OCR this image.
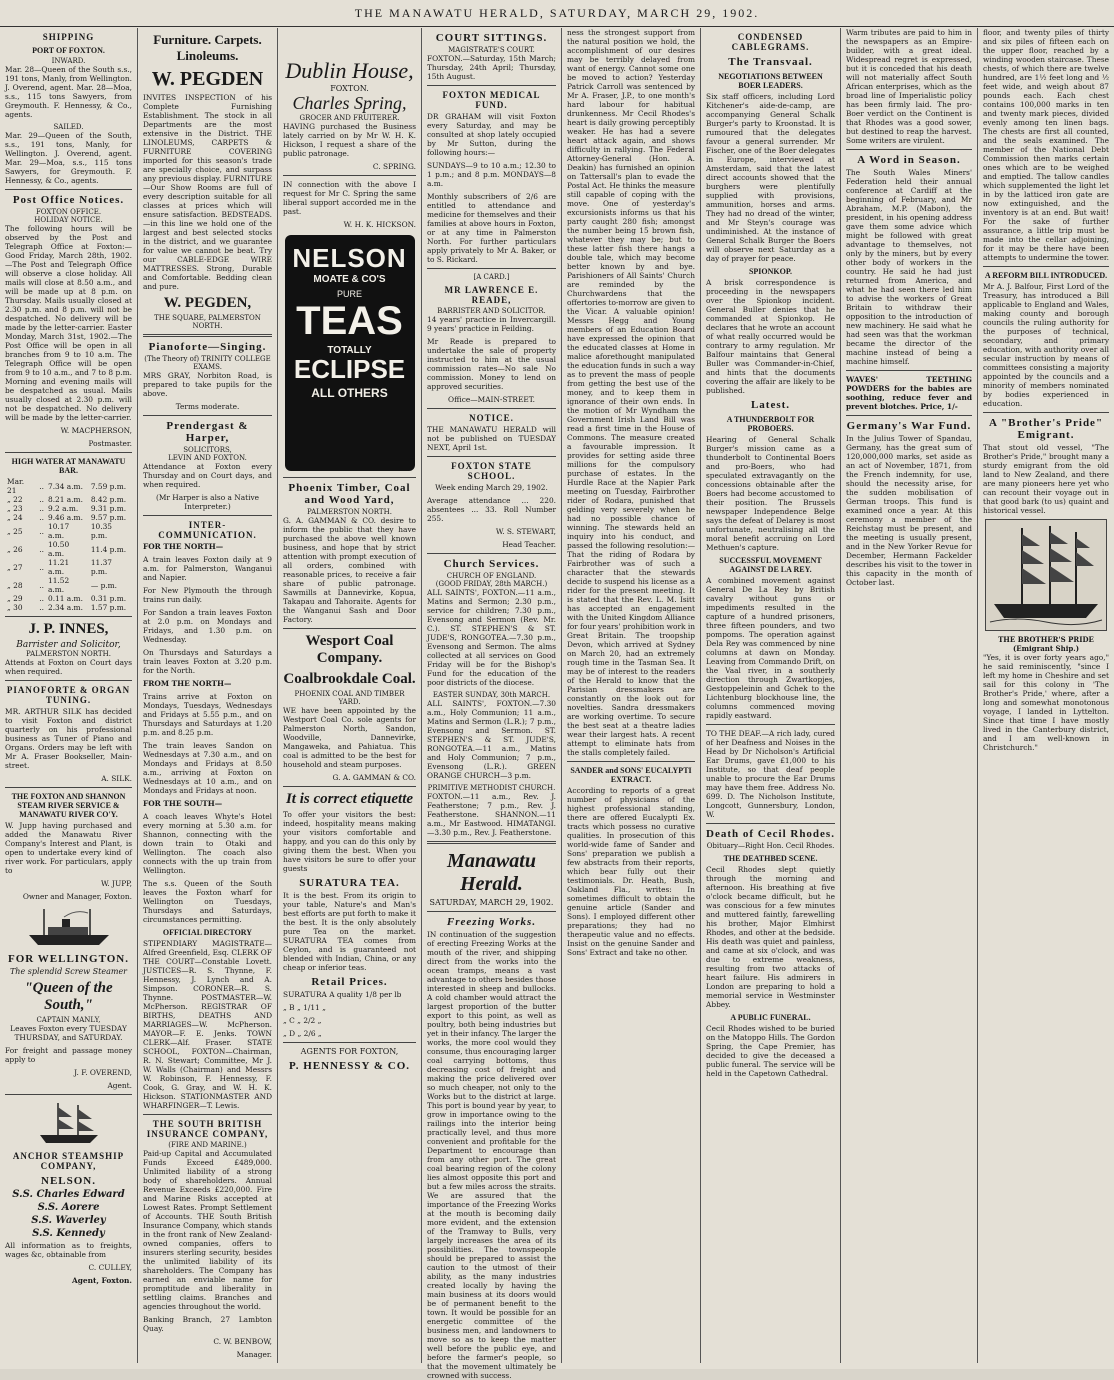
THE MANAWATU HERALD, SATURDAY, MARCH 29, 1902.
SHIPPING
PORT OF FOXTON.
INWARD.

Mar. 28—Queen of the South s.s., 191 tons, Manly, from Wellington. J. Overend, agent. Mar. 28—Moa, s.s., 115 tons Sawyers, from Greymouth. F. Hennessy, & Co., agents.

SAILED.

Mar. 29—Queen of the South, s.s., 191 tons, Manly, for Wellington. J. Overend, agent. Mar. 29—Moa, s.s., 115 tons Sawyers, for Greymouth. F. Hennessy, & Co., agents.

Post Office Notices.
FOXTON OFFICE.
HOLIDAY NOTICE.

The following hours will be observed by the Post and Telegraph Office at Foxton:—Good Friday, March 28th, 1902.—The Post and Telegraph Office will observe a close holiday. All mails will close at 8.50 a.m., and will be made up at 8 p.m. on Thursday. Mails usually closed at 2.30 p.m. and 8 p.m. will not be despatched. No delivery will be made by the letter-carrier. Easter Monday, March 31st, 1902.—The Post Office will be open in all branches from 9 to 10 a.m. The Telegraph Office will be open from 9 to 10 a.m., and 7 to 8 p.m. Morning and evening mails will be despatched as usual. Mails usually closed at 2.30 p.m. will not be despatched. No delivery will be made by the letter-carrier.

W. MACPHERSON,

Postmaster.

HIGH WATER AT MANAWATU BAR.
Mar. 21	..	7.34 a.m.	7.59 p.m.
„ 22	..	8.21 a.m.	8.42 p.m.
„ 23	..	9.2 a.m.	9.31 p.m.
„ 24	..	9.46 a.m.	9.57 p.m.
„ 25	..	10.17 a.m.	10.35 p.m.
„ 26	..	10.50 a.m.	11.4 p.m.
„ 27	..	11.21 a.m.	11.37 p.m.
„ 28	..	11.52 a.m.	— p.m.
„ 29	..	0.11 a.m.	0.31 p.m.
„ 30	..	2.34 a.m.	1.57 p.m.
J. P. INNES,
Barrister and Solicitor,
PALMERSTON NORTH.

Attends at Foxton on Court days when required.

PIANOFORTE & ORGAN TUNING.

MR. ARTHUR SILK has decided to visit Foxton and district quarterly on his professional business as Tuner of Piano and Organs. Orders may be left with Mr A. Fraser Bookseller, Main-street.

A. SILK.

THE FOXTON AND SHANNON STEAM RIVER SERVICE & MANAWATU RIVER CO'Y.

W. Jupp having purchased and added the Manawatu River Company's Interest and Plant, is open to undertake every kind of river work. For particulars, apply to

W. JUPP,

Owner and Manager, Foxton.

FOR WELLINGTON.
The splendid Screw Steamer
"Queen of the South,"
CAPTAIN MANLY,

Leaves Foxton every TUESDAY THURSDAY, and SATURDAY.

For freight and passage money apply to

J. F. OVEREND,

Agent.

ANCHOR STEAMSHIP COMPANY,
NELSON.

S.S. Charles Edward

S.S. Aorere

S.S. Waverley

S.S. Kennedy

All information as to freights, wages &c, obtainable from

C. CULLEY,

Agent, Foxton.

Furniture. Carpets. Linoleums.
W. PEGDEN

INVITES INSPECTION of his Complete Furnishing Establishment. The stock in all Departments are the most extensive in the District. THE LINOLEUMS, CARPETS & FURNITURE COVERING imported for this season's trade are specially choice, and surpass any previous display. FURNITURE—Our Show Rooms are full of every description suitable for all classes at prices which will ensure satisfaction. BEDSTEADS.—in this line we hold one of the largest and best selected stocks in the district, and we guarantee for value we cannot be beat. Try our CABLE-EDGE WIRE MATTRESSES. Strong, Durable and Comfortable. Bedding clean and pure.

W. PEGDEN,
THE SQUARE, PALMERSTON NORTH.
Pianoforte—Singing.
(The Theory of) TRINITY COLLEGE EXAMS.

MRS GRAY, Norbiton Road, is prepared to take pupils for the above.

Terms moderate.

Prendergast & Harper,
SOLICITORS,
LEVIN AND FOXTON.

Attendance at Foxton every Thursday and on Court days, and when required.

(Mr Harper is also a Native Interpreter.)

INTER-COMMUNICATION.

FOR THE NORTH—

A train leaves Foxton daily at 9 a.m. for Palmerston, Wanganui and Napier.

For New Plymouth the through trains run daily.

For Sandon a train leaves Foxton at 2.0 p.m. on Mondays and Fridays, and 1.30 p.m. on Wednesday.

On Thursdays and Saturdays a train leaves Foxton at 3.20 p.m. for the North.

FROM THE NORTH—

Trains arrive at Foxton on Mondays, Tuesdays, Wednesdays and Fridays at 5.55 p.m., and on Thursdays and Saturdays at 1.20 p.m. and 8.25 p.m.

The train leaves Sandon on Wednesdays at 7.30 a.m., and on Mondays and Fridays at 8.50 a.m., arriving at Foxton on Wednesdays at 10 a.m., and on Mondays and Fridays at noon.

FOR THE SOUTH—

A coach leaves Whyte's Hotel every morning at 5.30 a.m. for Shannon, connecting with the down train to Otaki and Wellington. The coach also connects with the up train from Wellington.

The s.s. Queen of the South leaves the Foxton wharf for Wellington on Tuesdays, Thursdays and Saturdays, circumstances permitting.

OFFICIAL DIRECTORY

STIPENDIARY MAGISTRATE—Alfred Greenfield, Esq. CLERK OF THE COURT—Constable Lovett. JUSTICES—R. S. Thynne, F. Hennessy, J. Lynch and A. Simpson. CORONER—R. S. Thynne. POSTMASTER—W. McPherson. REGISTRAR OF BIRTHS, DEATHS AND MARRIAGES—W. McPherson. MAYOR—F. E. Jenks. TOWN CLERK—Alf. Fraser. STATE SCHOOL, FOXTON—Chairman, R. N. Stewart; Committee, Mr J. W. Walls (Chairman) and Messrs W. Robinson, F. Hennessy, F. Cook, G. Gray, and W. H. K. Hickson. STATIONMASTER AND WHARFINGER—T. Lewis.

THE SOUTH BRITISH INSURANCE COMPANY,
(FIRE AND MARINE.)

Paid-up Capital and Accumulated Funds Exceed £489,000. Unlimited liability of a strong body of shareholders. Annual Revenue Exceeds £220,000. Fire and Marine Risks accepted at Lowest Rates. Prompt Settlement of Accounts. THE South British Insurance Company, which stands in the front rank of New Zealand-owned companies, offers to insurers sterling security, besides the unlimited liability of its shareholders. The Company has earned an enviable name for promptitude and liberality in settling claims. Branches and agencies throughout the world.

Banking Branch, 27 Lambton Quay.

C. W. BENBOW,

Manager.

Dublin House,
FOXTON.
Charles Spring,
GROCER AND FRUITERER.

HAVING purchased the Business lately carried on by Mr W. H. K. Hickson, I request a share of the public patronage.

C. SPRING.

IN connection with the above I request for Mr C. Spring the same liberal support accorded me in the past.

W. H. K. HICKSON.

NELSON
MOATE & CO'S
PURE
TEAS
TOTALLY
ECLIPSE
ALL OTHERS
Phoenix Timber, Coal and Wood Yard,
PALMERSTON NORTH.

G. A. GAMMAN & CO. desire to inform the public that they have purchased the above well known business, and hope that by strict attention with prompt execution of all orders, combined with reasonable prices, to receive a fair share of public patronage. Sawmills at Dannevirke, Kopua, Takapau and Tahoraite. Agents for the Wanganui Sash and Door Factory.

Wesport Coal Company.
Coalbrookdale Coal.
PHOENIX COAL AND TIMBER YARD.

WE have been appointed by the Westport Coal Co. sole agents for Palmerston North, Sandon, Woodville, Dannevirke, Mangaweka, and Pahiatua. This coal is admitted to be the best for household and steam purposes.

G. A. GAMMAN & CO.

It is correct etiquette

To offer your visitors the best: indeed, hospitality means making your visitors comfortable and happy, and you can do this only by giving them the best. When you have visitors be sure to offer your guests

SURATURA TEA.

It is the best. From its origin to your table, Nature's and Man's best efforts are put forth to make it the best. It is the only absolutely pure Tea on the market. SURATURA TEA comes from Ceylon, and is guaranteed not blended with Indian, China, or any cheap or inferior teas.

Retail Prices.

SURATURA A quality 1/8 per lb

„ B „ 1/11 „

„ C „ 2/2 „

„ D „ 2/6 „

AGENTS FOR FOXTON,
P. HENNESSY & CO.
COURT SITTINGS.
MAGISTRATE'S COURT.

FOXTON.—Saturday, 15th March; Thursday, 24th April; Thursday, 15th August.

FOXTON MEDICAL FUND.

DR GRAHAM will visit Foxton every Saturday, and may be consulted at shop lately occupied by Mr Sutton, during the following hours:—

SUNDAYS—9 to 10 a.m.; 12.30 to 1 p.m.; and 8 p.m. MONDAYS—8 a.m.

Monthly subscribers of 2/6 are entitled to attendance and medicine for themselves and their families at above hours in Foxton, or at any time in Palmerston North. For further particulars apply privately to Mr A. Baker, or to S. Rickard.

[A CARD.]
MR LAWRENCE E. READE,
BARRISTER AND SOLICITOR.

14 years' practice in Invercargill. 9 years' practice in Feilding.

Mr Reade is prepared to undertake the sale of property instructed to him at the usual commission rates—No sale No commission. Money to lend on approved securities.

Office—MAIN-STREET.

NOTICE.

THE MANAWATU HERALD will not be published on TUESDAY NEXT, April 1st.

FOXTON STATE SCHOOL.

Week ending March 29, 1902.

Average attendance ... 220. absentees ... 33. Roll Number 255.

W. S. STEWART,

Head Teacher.

Church Services.
CHURCH OF ENGLAND.
(GOOD FRIDAY, 28th MARCH.)

ALL SAINTS', FOXTON.—11 a.m., Matins and Sermon; 2.30 p.m., service for children; 7.30 p.m., Evensong and Sermon (Rev. Mr. C.). ST. STEPHEN'S & ST. JUDE'S, RONGOTEA.—7.30 p.m., Evensong and Sermon. The alms collected at all services on Good Friday will be for the Bishop's Fund for the education of the poor districts of the diocese.

EASTER SUNDAY, 30th MARCH.

ALL SAINTS', FOXTON.—7.30 a.m., Holy Communion; 11 a.m., Matins and Sermon (L.R.); 7 p.m., Evensong and Sermon. ST. STEPHEN'S & ST. JUDE'S, RONGOTEA.—11 a.m., Matins and Holy Communion; 7 p.m., Evensong (L.R.). GREEN ORANGE CHURCH—3 p.m.

PRIMITIVE METHODIST CHURCH.

FOXTON.—11 a.m., Rev. J. Featherstone; 7 p.m., Rev. J. Featherstone. SHANNON.—11 a.m., Mr Eastwood. HIMATANGI.—3.30 p.m., Rev. J. Featherstone.

Manawatu Herald.
SATURDAY, MARCH 29, 1902.
Freezing Works.

IN continuation of the suggestion of erecting Freezing Works at the mouth of the river, and shipping direct from the works into the ocean tramps, means a vast advantage to others besides those interested in sheep and bullocks. A cold chamber would attract the largest proportion of the butter export to this point, as well as poultry, both being industries but yet in their infancy. The larger the works, the more cool would they consume, thus encouraging larger coal carrying bottoms, thus decreasing cost of freight and making the price delivered over so much cheaper, not only to the Works but to the district at large. This port is bound year by year, to grow in importance owing to the railings into the interior being practically level, and thus more convenient and profitable for the Department to encourage than from any other port. The great coal bearing region of the colony lies almost opposite this port and but a few miles across the straits. We are assured that the importance of the Freezing Works at the mouth is becoming daily more evident, and the extension of the Tramway to Bulls, very largely increases the area of its possibilities. The townspeople should be prepared to assist the caution to the utmost of their ability, as the many industries created locally by having the main business at its doors would be of permanent benefit to the town. It would be possible for an energetic committee of the business men, and landowners to move so as to keep the matter well before the public eye, and before the farmer's people, so that the movement ultimately be crowned with success.

ness the strongest support from the natural position we hold, the accomplishment of our desires may be terribly delayed from want of energy. Cannot some one be moved to action? Yesterday Patrick Carroll was sentenced by Mr A. Fraser, J.P., to one month's hard labour for habitual drunkenness. Mr Cecil Rhodes's heart is daily growing perceptibly weaker. He has had a severe heart attack again, and shows difficulty in rallying. The Federal Attorney-General (Hon. A. Deakin) has furnished an opinion on Tattersall's plan to evade the Postal Act. He thinks the measure still capable of coping with the move. One of yesterday's excursionists informs us that his party caught 280 fish; amongst the number being 15 brown fish, whatever they may be; but to these latter fish there hangs a double tale, which may become better known by and bye. Parishioners of All Saints' Church are reminded by the Churchwardens that the offertories to-morrow are given to the Vicar. A valuable opinion! Messrs Hegg and Young members of an Education Board have expressed the opinion that the educated classes at Home in malice aforethought manipulated the education funds in such a way as to prevent the mass of people from getting the best use of the money, and to keep them in ignorance of their own ends. In the motion of Mr Wyndham the Government Irish Land Bill was read a first time in the House of Commons. The measure created a favourable impression. It provides for setting aside three millions for the compulsory purchase of estates. In the Hurdle Race at the Napier Park meeting on Tuesday, Fairbrother rider of Rodara, punished that gelding very severely when he had no possible chance of winning. The stewards held an inquiry into his conduct, and passed the following resolution:—That the riding of Rodara by Fairbrother was of such a character that the stewards decide to suspend his license as a rider for the present meeting. It is stated that the Rev. L. M. Isitt has accepted an engagement with the United Kingdom Alliance for four years' prohibition work in Great Britain. The troopship Devon, which arrived at Sydney on March 20, had an extremely rough time in the Tasman Sea. It may be of interest to the readers of the Herald to know that the Parisian dressmakers are constantly on the look out for novelties. Sandra dressmakers are working overtime. To secure the best seat at a theatre ladies wear their largest hats. A recent attempt to eliminate hats from the stalls completely failed.

SANDER and SONS' EUCALYPTI EXTRACT.

According to reports of a great number of physicians of the highest professional standing, there are offered Eucalypti Ex. tracts which possess no curative qualities. In prosecution of this world-wide fame of Sander and Sons' preparation we publish a few abstracts from their reports, which bear fully out their testimonials. Dr. Heath, Bush, Oakland Fla., writes: In sometimes difficult to obtain the genuine article (Sander and Sons). I employed different other preparations; they had no therapeutic value and no effects. Insist on the genuine Sander and Sons' Extract and take no other.

CONDENSED CABLEGRAMS.
The Transvaal.
NEGOTIATIONS BETWEEN BOER LEADERS.

Six staff officers, including Lord Kitchener's aide-de-camp, are accompanying General Schalk Burger's party to Kroonstad. It is rumoured that the delegates favour a general surrender. Mr Fischer, one of the Boer delegates in Europe, interviewed at Amsterdam, said that the latest direct accounts showed that the burghers were plentifully supplied with provisions, ammunition, horses and arms. They had no dread of the winter, and Mr Steyn's courage was undiminished. At the instance of General Schalk Burger the Boers will observe next Saturday as a day of prayer for peace.

SPIONKOP.

A brisk correspondence is proceeding in the newspapers over the Spionkop incident. General Buller denies that he commanded at Spionkop. He declares that he wrote an account of what really occurred would be contrary to army regulation. Mr Balfour maintains that General Buller was Commander-in-Chief, and hints that the documents covering the affair are likely to be published.

Latest.
A THUNDERBOLT FOR PROBOERS.

Hearing of General Schalk Burger's mission came as a thunderbolt to Continental Boers and pro-Boers, who had speculated extravagantly on the concessions obtainable after the Boers had become accustomed to their position. The Brussels newspaper Independence Belge says the defeat of Delarey is most unfortunate, neutralising all the moral benefit accruing on Lord Methuen's capture.

SUCCESSFUL MOVEMENT AGAINST DE LA REY.

A combined movement against General De La Rey by British cavalry without guns or impediments resulted in the capture of a hundred prisoners, three fifteen pounders, and two pompoms. The operation against Dela Rey was commenced by nine columns at dawn on Monday. Leaving from Commando Drift, on the Vaal river, in a southerly direction through Zwartkopjes, Gestoppeleinin and Gchek to the Lichtenburg blockhouse line, the columns commenced moving rapidly eastward.

TO THE DEAF.—A rich lady, cured of her Deafness and Noises in the Head by Dr Nicholson's Artificial Ear Drums, gave £1,000 to his Institute, so that deaf people unable to procure the Ear Drums may have them free. Address No. 699. D. The Nicholson Institute, Longcott, Gunnersbury, London, W.

Death of Cecil Rhodes.
Obituary—Right Hon. Cecil Rhodes.
THE DEATHBED SCENE.

Cecil Rhodes slept quietly through the morning and afternoon. His breathing at five o'clock became difficult, but he was conscious for a few minutes and muttered faintly, farewelling his brother, Major Elmhirst Rhodes, and other at the bedside. His death was quiet and painless, and came at six o'clock, and was due to extreme weakness, resulting from two attacks of heart failure. His admirers in London are preparing to hold a memorial service in Westminster Abbey.

A PUBLIC FUNERAL.

Cecil Rhodes wished to be buried on the Matoppo Hills. The Gordon Spring, the Cape Premier, has decided to give the deceased a public funeral. The service will be held in the Capetown Cathedral.

Warm tributes are paid to him in the newspapers as an Empire-builder, with a great ideal. Widespread regret is expressed, but it is conceded that his death will not materially affect South African enterprises, which as the broad line of Imperialistic policy has been firmly laid. The pro-Boer verdict on the Continent is that Rhodes was a good sower, but destined to reap the harvest. Some writers are virulent.

A Word in Season.

The South Wales Miners' Federation held their annual conference at Cardiff at the beginning of February, and Mr Abraham, M.P. (Mabon), the president, in his opening address gave them some advice which might be followed with great advantage to themselves, not only by the miners, but by every other body of workers in the country. He said he had just returned from America, and what he had seen there led him to advise the workers of Great Britain to withdraw their opposition to the introduction of new machinery. He said what he had seen was that the workman became the director of the machine instead of being a machine himself.

WAVES' TEETHING POWDERS for the babies are soothing, reduce fever and prevent blotches. Price, 1/-

Germany's War Fund.

In the Julius Tower of Spandau, Germany, has the great sum of 120,000,000 marks, set aside as an act of November, 1871, from the French indemnity, for use, should the necessity arise, for the sudden mobilisation of German troops. This fund is examined once a year. At this ceremony a member of the Reichstag must be present, and the meeting is usually present, and in the New Yorker Revue for December, Hermann Fackelder describes his visit to the tower in this capacity in the month of October last.

floor, and twenty piles of thirty and six piles of fifteen each on the upper floor, reached by a winding wooden staircase. These chests, of which there are twelve hundred, are 1½ feet long and ½ feet wide, and weigh about 87 pounds each. Each chest contains 100,000 marks in ten and twenty mark pieces, divided evenly among ten linen bags. The chests are first all counted, and the seals examined. The member of the National Debt Commission then marks certain ones which are to be weighed and emptied. The tallow candles which supplemented the light let in by the latticed iron gate are now extinguished, and the inventory is at an end. But wait! For the sake of further assurance, a little trip must be made into the cellar adjoining, for it may be there have been attempts to undermine the tower.

A REFORM BILL INTRODUCED.

Mr A. J. Balfour, First Lord of the Treasury, has introduced a Bill applicable to England and Wales, making county and borough councils the ruling authority for the purposes of technical, secondary, and primary education, with authority over all secular instruction by means of committees consisting a majority appointed by the councils and a minority of members nominated by bodies experienced in education.

A "Brother's Pride" Emigrant.

That stout old vessel, "The Brother's Pride," brought many a sturdy emigrant from the old land to New Zealand, and there are many pioneers here yet who can recount their voyage out in that good bark (to us) quaint and historical vessel.

THE BROTHER'S PRIDE (Emigrant Ship.)

"Yes, it is over forty years ago," he said reminiscently, "since I left my home in Cheshire and set sail for this colony in 'The Brother's Pride,' where, after a long and somewhat monotonous voyage, I landed in Lyttelton. Since that time I have mostly lived in the Canterbury district, and I am well-known in Christchurch."
